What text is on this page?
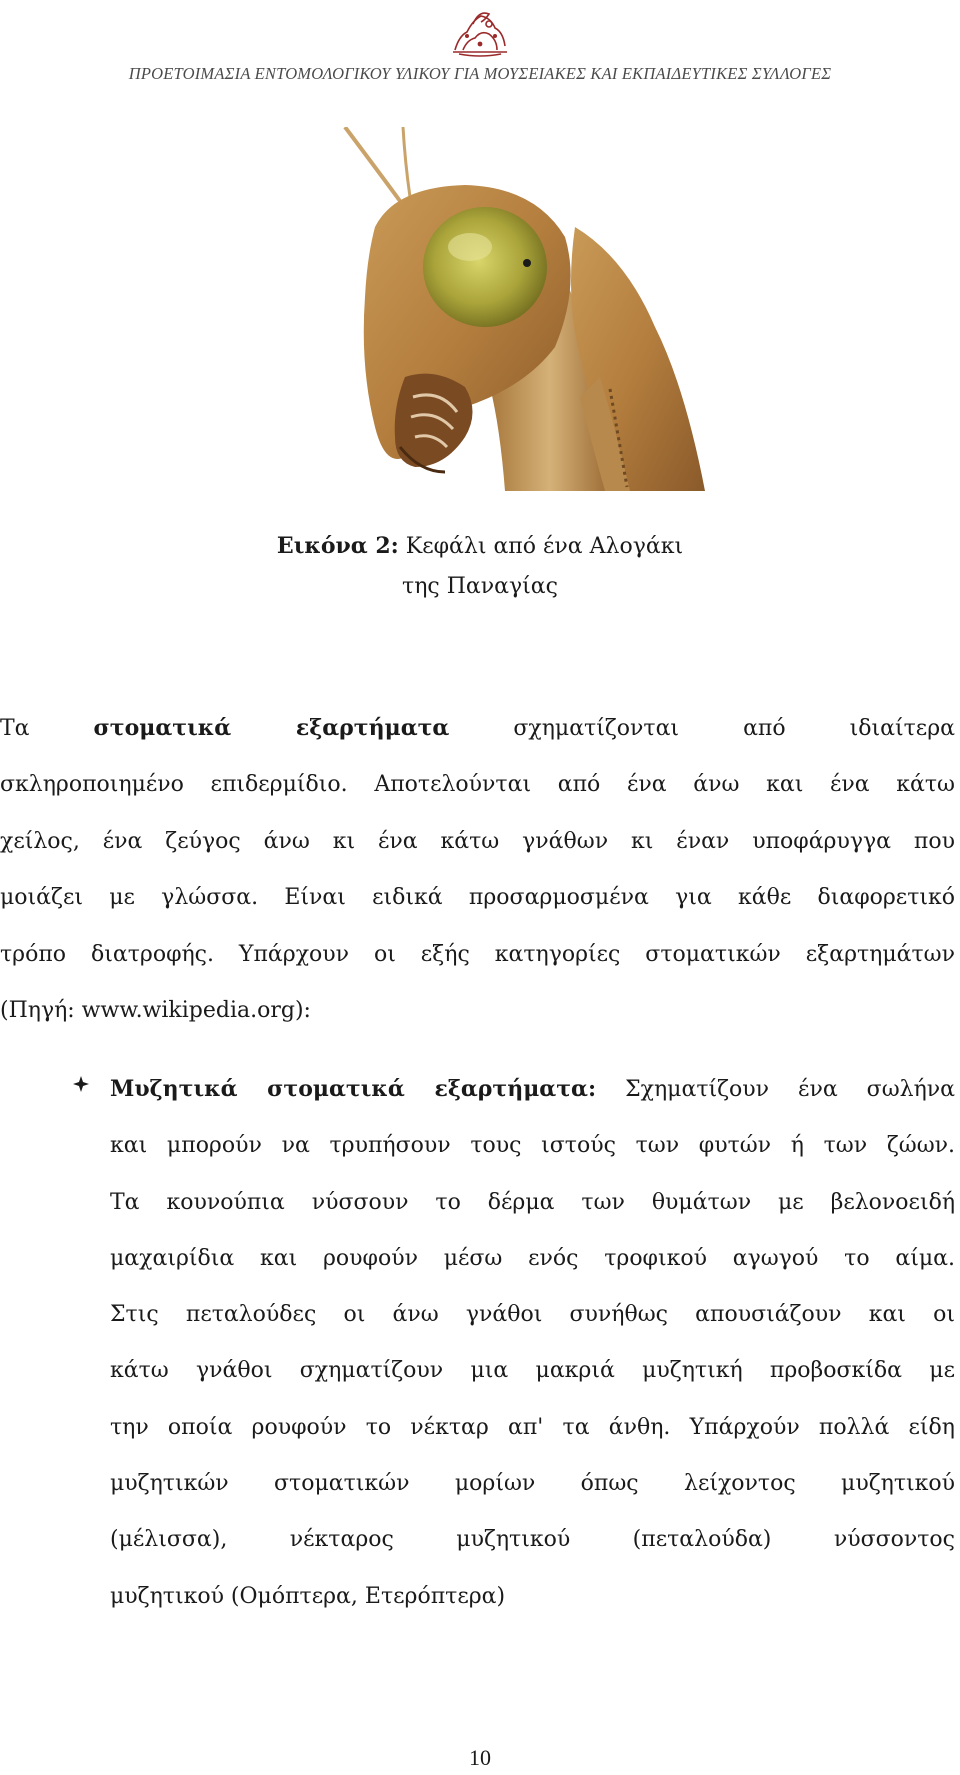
ΠΡΟΕΤΟΙΜΑΣΙΑ ΕΝΤΟΜΟΛΟΓΙΚΟΥ ΥΛΙΚΟΥ ΓΙΑ ΜΟΥΣΕΙΑΚΕΣ ΚΑΙ ΕΚΠΑΙΔΕΥΤΙΚΕΣ ΣΥΛΛΟΓΕΣ
Εικόνα 2: Κεφάλι από ένα Αλογάκι
της Παναγίας
Τα	στοματικά εξαρτήματα	σχηματίζονται από ιδιαίτερα
σκληροποιημένο επιδερμίδιο. Αποτελούνται από ένα άνω και ένα κάτω
χείλος, ένα ζεύγος άνω κι ένα κάτω γνάθων κι έναν υποφάρυγγα που
μοιάζει με γλώσσα. Είναι ειδικά προσαρμοσμένα για κάθε διαφορετικό
τρόπο διατροφής. Υπάρχουν οι εξής κατηγορίες στοματικών εξαρτημάτων
(Πηγή: www.wikipedia.org):
Μυζητικά στοματικά εξαρτήματα: Σχηματίζουν ένα σωλήνα
και μπορούν να τρυπήσουν τους ιστούς των φυτών ή των ζώων.
Τα κουνούπια νύσσουν το δέρμα των θυμάτων με βελονοειδή
μαχαιρίδια και ρουφούν μέσω ενός τροφικού αγωγού το αίμα.
Στις πεταλούδες οι άνω γνάθοι συνήθως απουσιάζουν και οι
κάτω γνάθοι σχηματίζουν μια μακριά μυζητική προβοσκίδα με
την οποία ρουφούν το νέκταρ απ' τα άνθη. Υπάρχούν πολλά είδη
μυζητικών στοματικών μορίων όπως λείχοντος μυζητικού
(μέλισσα), νέκταρος μυζητικού (πεταλούδα) νύσσοντος
μυζητικού (Ομόπτερα, Ετερόπτερα)
10
